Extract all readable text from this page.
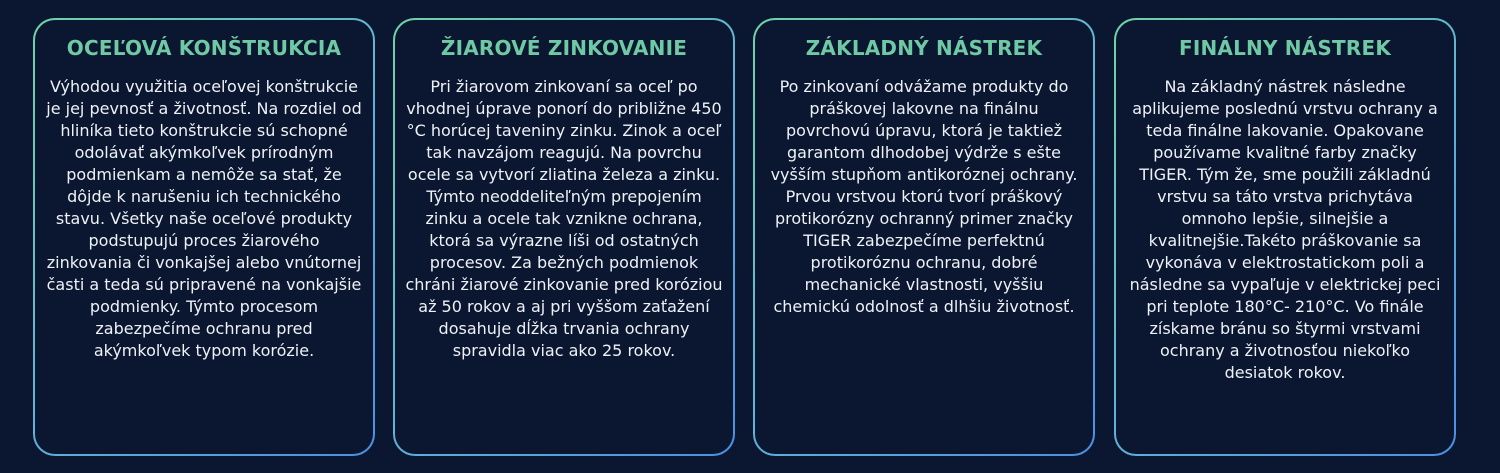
OCEĽOVÁ KONŠTRUKCIA

Výhodou využitia oceľovej konštrukcie je jej pevnosť a životnosť. Na rozdiel od hliníka tieto konštrukcie sú schopné odolávať akýmkoľvek prírodným podmienkam a nemôže sa stať, že dôjde k narušeniu ich technického stavu. Všetky naše oceľové produkty podstupujú proces žiarového zinkovania či vonkajšej alebo vnútornej časti a teda sú pripravené na vonkajšie podmienky. Týmto procesom zabezpečíme ochranu pred akýmkoľvek typom korózie.

ŽIAROVÉ ZINKOVANIE

Pri žiarovom zinkovaní sa oceľ po vhodnej úprave ponorí do približne 450 °C horúcej taveniny zinku. Zinok a oceľ tak navzájom reagujú. Na povrchu ocele sa vytvorí zliatina železa a zinku. Týmto neoddeliteľným prepojením zinku a ocele tak vznikne ochrana, ktorá sa výrazne líši od ostatných procesov. Za bežných podmienok chráni žiarové zinkovanie pred koróziou až 50 rokov a aj pri vyššom zaťažení dosahuje dĺžka trvania ochrany spravidla viac ako 25 rokov.

ZÁKLADNÝ NÁSTREK

Po zinkovaní odvážame produkty do práškovej lakovne na finálnu povrchovú úpravu, ktorá je taktiež garantom dlhodobej výdrže s ešte vyšším stupňom antikoróznej ochrany. Prvou vrstvou ktorú tvorí práškový protikorózny ochranný primer značky TIGER zabezpečíme perfektnú protikoróznu ochranu, dobré mechanické vlastnosti, vyššiu chemickú odolnosť a dlhšiu životnosť.

FINÁLNY NÁSTREK

Na základný nástrek následne aplikujeme poslednú vrstvu ochrany a teda finálne lakovanie. Opakovane používame kvalitné farby značky TIGER. Tým že, sme použili základnú vrstvu sa táto vrstva prichytáva omnoho lepšie, silnejšie a kvalitnejšie.Takéto práškovanie sa vykonáva v elektrostatickom poli a následne sa vypaľuje v elektrickej peci pri teplote 180°C- 210°C. Vo finále získame bránu so štyrmi vrstvami ochrany a životnosťou niekoľko desiatok rokov.
